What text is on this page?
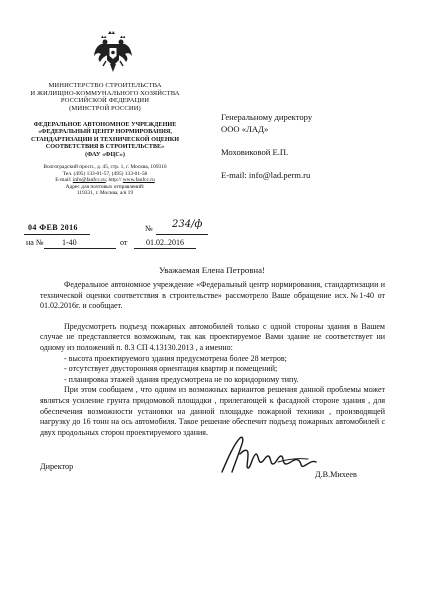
МИНИСТЕРСТВО СТРОИТЕЛЬСТВА
И ЖИЛИЩНО-КОММУНАЛЬНОГО ХОЗЯЙСТВА
РОССИЙСКОЙ ФЕДЕРАЦИИ
(МИНСТРОЙ РОССИИ)
ФЕДЕРАЛЬНОЕ АВТОНОМНОЕ УЧРЕЖДЕНИЕ
«ФЕДЕРАЛЬНЫЙ ЦЕНТР НОРМИРОВАНИЯ,
СТАНДАРТИЗАЦИИ И ТЕХНИЧЕСКОЙ ОЦЕНКИ
СООТВЕТСТВИЯ В СТРОИТЕЛЬСТВЕ»
(ФАУ «ФЦС»)
Волгоградский просп., д. 45, стр. 1, г. Москва, 109316
Тел. (495) 133-01-57, (495) 133-01-58
E-mail: info@faufcc.ru; http:// www.faufcc.ru
Адрес для почтовых отправлений:
119331, г. Москва, а/я 19
04 ФЕВ 2016	№ 234/ф
на № 1-40	от 01.02..2016
Генеральному директору
ООО «ЛАД»
Моховиковой Е.П.
E-mail: info@lad.perm.ru
Уважаемая Елена Петровна!

Федеральное автономное учреждение «Федеральный центр нормирования, стандартизации и технической оценки соответствия в строительстве» рассмотрело Ваше обращение исх.№1-40 от 01.02.2016г. и сообщает.

Предусмотреть подъезд пожарных автомобилей только с одной стороны здания в Вашем случае не представляется возможным, так как проектируемое Вами здание не соответствует ни одному из положений п. 8.3 СП 4.13130.2013 , а именно:

- высота проектируемого здания предусмотрена более 28 метров;
- отсутствует двусторонняя ориентация квартир и помещений;
- планировка этажей здания предусмотрена не по коридорному типу.

При этом сообщаем , что одним из возможных вариантов решения данной проблемы может являться усиление грунта придомовой площадки , прилегающей к фасадной стороне здания , для обеспечения возможности установки на данной площадке пожарной техники , производящей нагрузку до 16 тонн на ось автомобиля. Такое решение обеспечит подъезд пожарных автомобилей с двух продольных сторон проектируемого здания.

Директор
Д.В.Михеев
